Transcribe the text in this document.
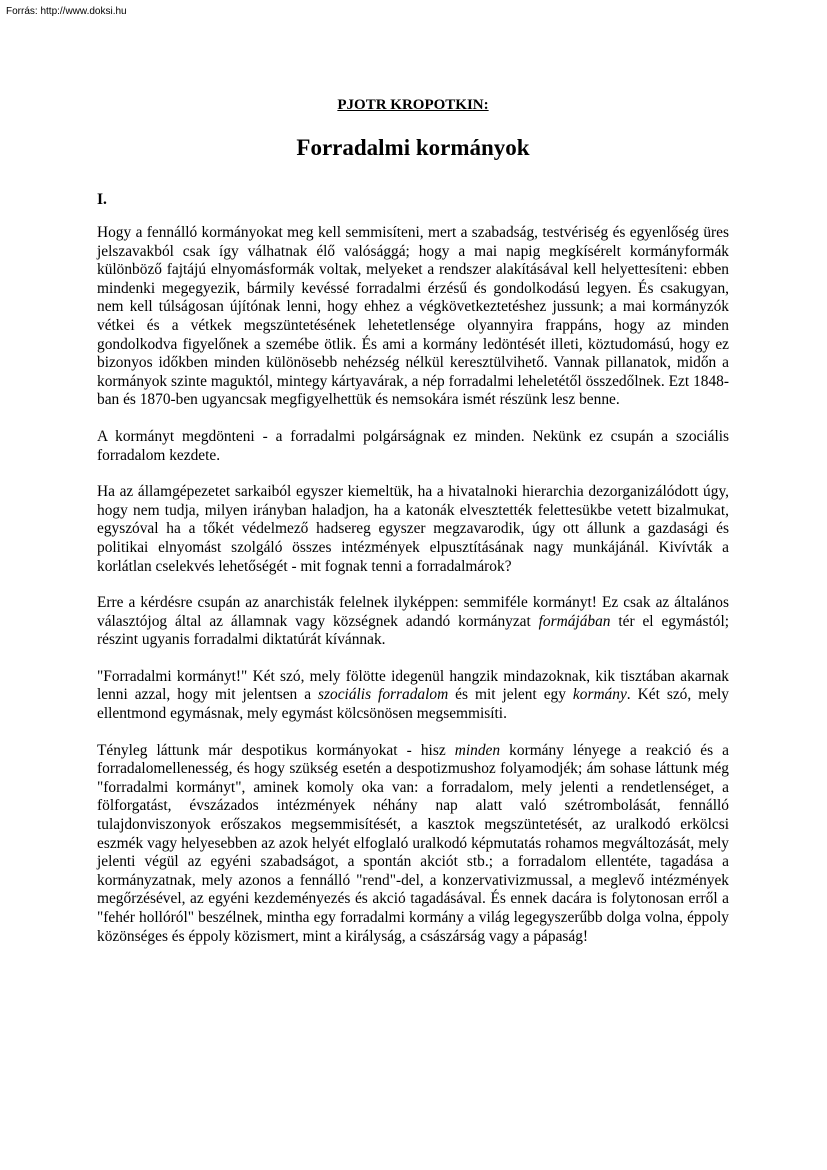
Forrás: http://www.doksi.hu
PJOTR KROPOTKIN:
Forradalmi kormányok
I.

Hogy a fennálló kormányokat meg kell semmisíteni, mert a szabadság, testvériség és egyenlőség üres jelszavakból csak így válhatnak élő valósággá; hogy a mai napig megkísérelt kormányformák különböző fajtájú elnyomásformák voltak, melyeket a rendszer alakításával kell helyettesíteni: ebben mindenki megegyezik, bármily kevéssé forradalmi érzésű és gondolkodású legyen. És csakugyan, nem kell túlságosan újítónak lenni, hogy ehhez a végkövetkeztetéshez jussunk; a mai kormányzók vétkei és a vétkek megszüntetésének lehetetlensége olyannyira frappáns, hogy az minden gondolkodva figyelőnek a szemébe ötlik. És ami a kormány ledöntését illeti, köztudomású, hogy ez bizonyos időkben minden különösebb nehézség nélkül keresztülvihető. Vannak pillanatok, midőn a kormányok szinte maguktól, mintegy kártyavárak, a nép forradalmi leheletétől összedőlnek. Ezt 1848-ban és 1870-ben ugyancsak megfigyelhettük és nemsokára ismét részünk lesz benne.

A kormányt megdönteni - a forradalmi polgárságnak ez minden. Nekünk ez csupán a szociális forradalom kezdete.

Ha az államgépezetet sarkaiból egyszer kiemeltük, ha a hivatalnoki hierarchia dezorganizálódott úgy, hogy nem tudja, milyen irányban haladjon, ha a katonák elvesztették felettesükbe vetett bizalmukat, egyszóval ha a tőkét védelmező hadsereg egyszer megzavarodik, úgy ott állunk a gazdasági és politikai elnyomást szolgáló összes intézmények elpusztításának nagy munkájánál. Kivívták a korlátlan cselekvés lehetőségét - mit fognak tenni a forradalmárok?

Erre a kérdésre csupán az anarchisták felelnek ilyképpen: semmiféle kormányt! Ez csak az általános választójog által az államnak vagy községnek adandó kormányzat formájában tér el egymástól; részint ugyanis forradalmi diktatúrát kívánnak.

"Forradalmi kormányt!" Két szó, mely fölötte idegenül hangzik mindazoknak, kik tisztában akarnak lenni azzal, hogy mit jelentsen a szociális forradalom és mit jelent egy kormány. Két szó, mely ellentmond egymásnak, mely egymást kölcsönösen megsemmisíti.

Tényleg láttunk már despotikus kormányokat - hisz minden kormány lényege a reakció és a forradalomellenesség, és hogy szükség esetén a despotizmushoz folyamodjék; ám sohase láttunk még "forradalmi kormányt", aminek komoly oka van: a forradalom, mely jelenti a rendetlenséget, a fölforgatást, évszázados intézmények néhány nap alatt való szétrombolását, fennálló tulajdonviszonyok erőszakos megsemmisítését, a kasztok megszüntetését, az uralkodó erkölcsi eszmék vagy helyesebben az azok helyét elfoglaló uralkodó képmutatás rohamos megváltozását, mely jelenti végül az egyéni szabadságot, a spontán akciót stb.; a forradalom ellentéte, tagadása a kormányzatnak, mely azonos a fennálló "rend"-del, a konzervativizmussal, a meglevő intézmények megőrzésével, az egyéni kezdeményezés és akció tagadásával. És ennek dacára is folytonosan erről a "fehér hollóról" beszélnek, mintha egy forradalmi kormány a világ legegyszerűbb dolga volna, éppoly közönséges és éppoly közismert, mint a királyság, a császárság vagy a pápaság!
